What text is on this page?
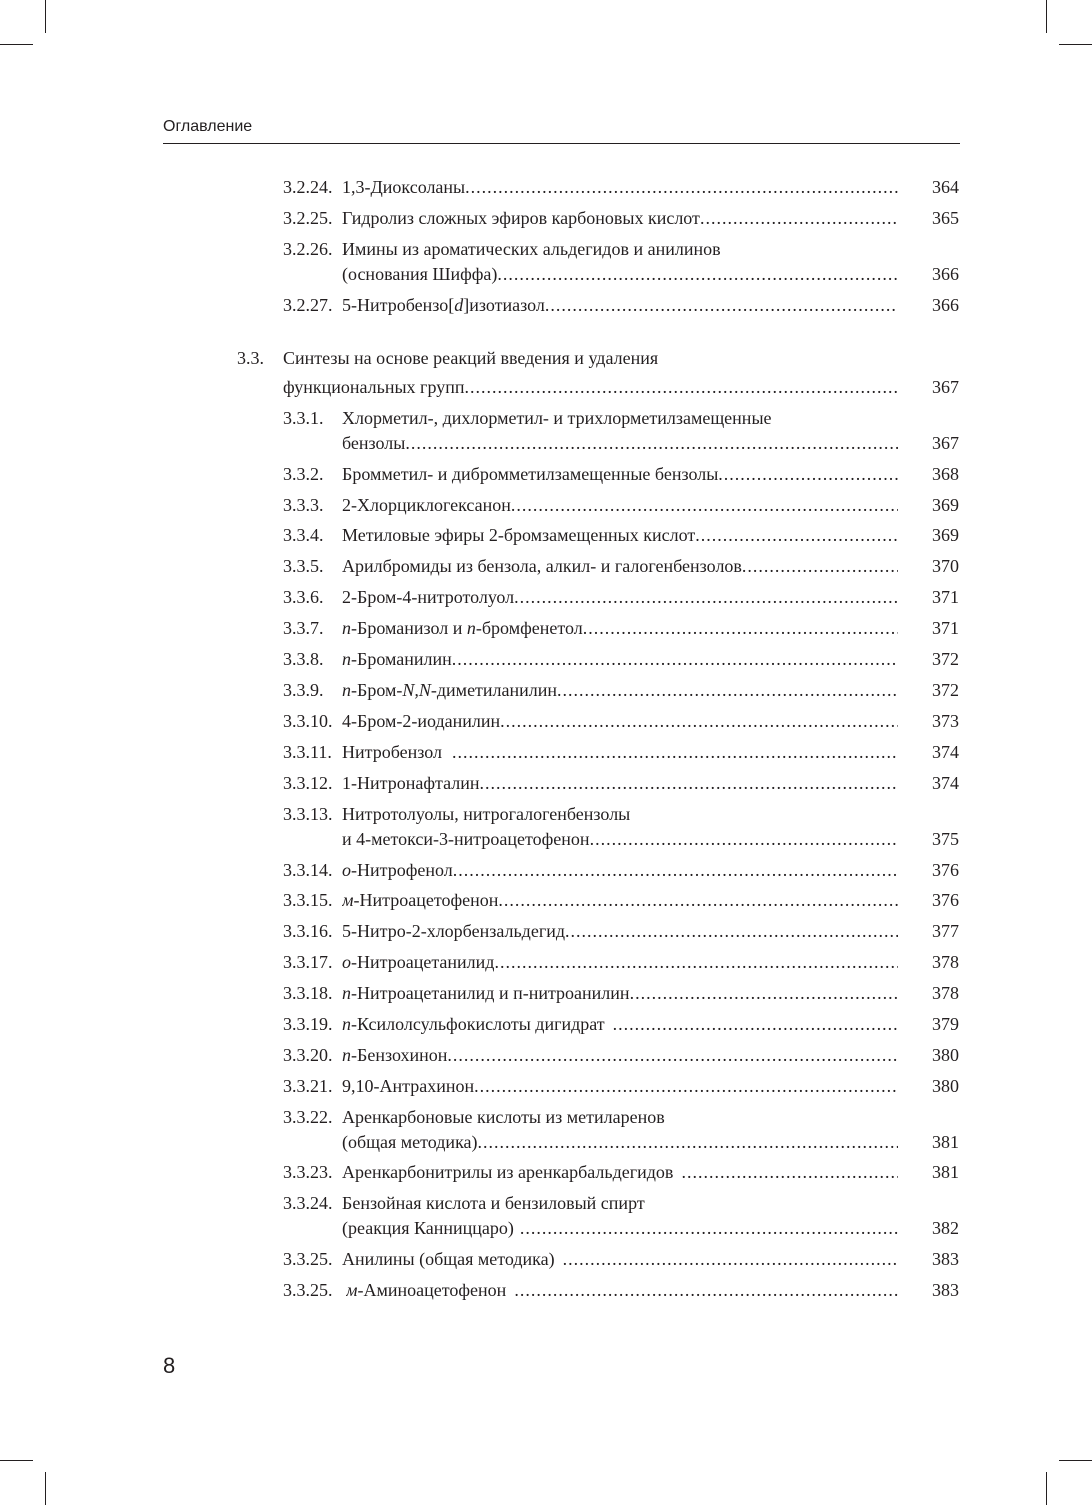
Оглавление
3.2.24. 1,3-Диоксоланы .....	364
3.2.25. Гидролиз сложных эфиров карбоновых кислот .....	365
3.2.26. Имины из ароматических альдегидов и анилинов
(основания Шиффа) .....	366
3.2.27. 5-Нитробензо[d]изотиазол .....	366
3.3. Синтезы на основе реакций введения и удаления
функциональных групп .....	367
3.3.1. Хлорметил-, дихлорметил- и трихлорметилзамещенные
бензолы .....	367
3.3.2. Бромметил- и дибромметилзамещенные бензолы .....	368
3.3.3. 2-Хлорциклогексанон .....	369
3.3.4. Метиловые эфиры 2-бромзамещенных кислот .....	369
3.3.5. Арилбромиды из бензола, алкил- и галогенбензолов .....	370
3.3.6. 2-Бром-4-нитротолуол .....	371
3.3.7. п-Броманизол и п-бромфенетол .....	371
3.3.8. п-Броманилин .....	372
3.3.9. п-Бром-N,N-диметиланилин .....	372
3.3.10. 4-Бром-2-иоданилин .....	373
3.3.11. Нитробензол .....	374
3.3.12. 1-Нитронафталин .....	374
3.3.13. Нитротолуолы, нитрогалогенбензолы
и 4-метокси-3-нитроацетофенон .....	375
3.3.14. о-Нитрофенол .....	376
3.3.15. м-Нитроацетофенон .....	376
3.3.16. 5-Нитро-2-хлорбензальдегид .....	377
3.3.17. о-Нитроацетанилид .....	378
3.3.18. п-Нитроацетанилид и п-нитроанилин .....	378
3.3.19. п-Ксилолсульфокислоты дигидрат .....	379
3.3.20. п-Бензохинон .....	380
3.3.21. 9,10-Антрахинон .....	380
3.3.22. Аренкарбоновые кислоты из метиларенов
(общая методика) .....	381
3.3.23. Аренкарбонитрилы из аренкарбальдегидов .....	381
3.3.24. Бензойная кислота и бензиловый спирт
(реакция Канниццаро) .....	382
3.3.25. Анилины (общая методика) .....	383
3.3.25. м-Аминоацетофенон .....	383
8
